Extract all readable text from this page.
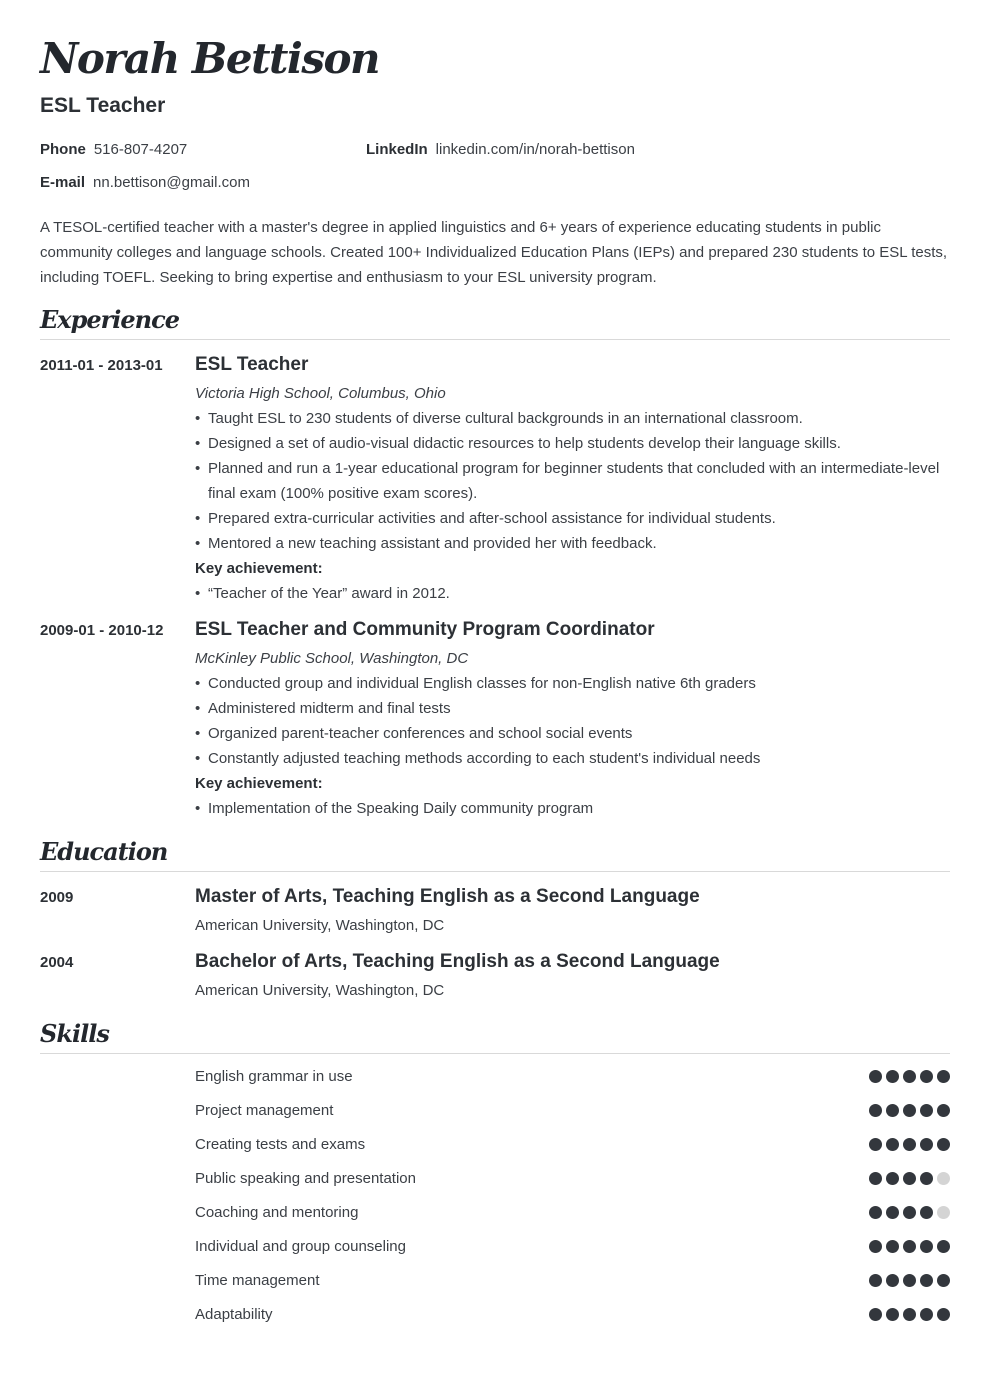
Norah Bettison
ESL Teacher
Phone 516-807-4207	LinkedIn linkedin.com/in/norah-bettison
E-mail nn.bettison@gmail.com
A TESOL-certified teacher with a master's degree in applied linguistics and 6+ years of experience educating students in public community colleges and language schools. Created 100+ Individualized Education Plans (IEPs) and prepared 230 students to ESL tests, including TOEFL. Seeking to bring expertise and enthusiasm to your ESL university program.
Experience
2011-01 - 2013-01 ESL Teacher
Victoria High School, Columbus, Ohio
• Taught ESL to 230 students of diverse cultural backgrounds in an international classroom.
• Designed a set of audio-visual didactic resources to help students develop their language skills.
• Planned and run a 1-year educational program for beginner students that concluded with an intermediate-level final exam (100% positive exam scores).
• Prepared extra-curricular activities and after-school assistance for individual students.
• Mentored a new teaching assistant and provided her with feedback.
Key achievement:
• “Teacher of the Year” award in 2012.
2009-01 - 2010-12 ESL Teacher and Community Program Coordinator
McKinley Public School, Washington, DC
• Conducted group and individual English classes for non-English native 6th graders
• Administered midterm and final tests
• Organized parent-teacher conferences and school social events
• Constantly adjusted teaching methods according to each student's individual needs
Key achievement:
• Implementation of the Speaking Daily community program
Education
2009	Master of Arts, Teaching English as a Second Language
American University, Washington, DC
2004	Bachelor of Arts, Teaching English as a Second Language
American University, Washington, DC
Skills
English grammar in use
Project management
Creating tests and exams
Public speaking and presentation
Coaching and mentoring
Individual and group counseling
Time management
Adaptability
